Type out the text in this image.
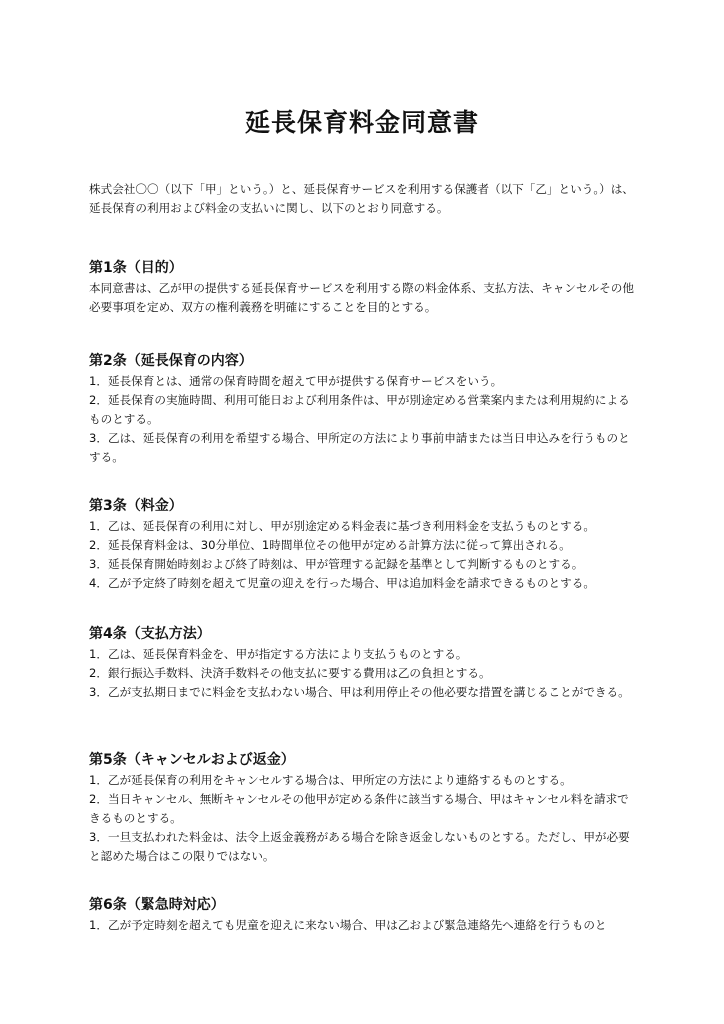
延長保育料金同意書

株式会社〇〇（以下「甲」という。）と、延長保育サービスを利用する保護者（以下「乙」という。）は、延長保育の利用および料金の支払いに関し、以下のとおり同意する。

第1条（目的）

本同意書は、乙が甲の提供する延長保育サービスを利用する際の料金体系、支払方法、キャンセルその他必要事項を定め、双方の権利義務を明確にすることを目的とする。

第2条（延長保育の内容）

1．延長保育とは、通常の保育時間を超えて甲が提供する保育サービスをいう。

2．延長保育の実施時間、利用可能日および利用条件は、甲が別途定める営業案内または利用規約によるものとする。

3．乙は、延長保育の利用を希望する場合、甲所定の方法により事前申請または当日申込みを行うものとする。

第3条（料金）

1．乙は、延長保育の利用に対し、甲が別途定める料金表に基づき利用料金を支払うものとする。

2．延長保育料金は、30分単位、1時間単位その他甲が定める計算方法に従って算出される。

3．延長保育開始時刻および終了時刻は、甲が管理する記録を基準として判断するものとする。

4．乙が予定終了時刻を超えて児童の迎えを行った場合、甲は追加料金を請求できるものとする。

第4条（支払方法）

1．乙は、延長保育料金を、甲が指定する方法により支払うものとする。

2．銀行振込手数料、決済手数料その他支払に要する費用は乙の負担とする。

3．乙が支払期日までに料金を支払わない場合、甲は利用停止その他必要な措置を講じることができる。

第5条（キャンセルおよび返金）

1．乙が延長保育の利用をキャンセルする場合は、甲所定の方法により連絡するものとする。

2．当日キャンセル、無断キャンセルその他甲が定める条件に該当する場合、甲はキャンセル料を請求できるものとする。

3．一旦支払われた料金は、法令上返金義務がある場合を除き返金しないものとする。ただし、甲が必要と認めた場合はこの限りではない。

第6条（緊急時対応）

1．乙が予定時刻を超えても児童を迎えに来ない場合、甲は乙および緊急連絡先へ連絡を行うものと
